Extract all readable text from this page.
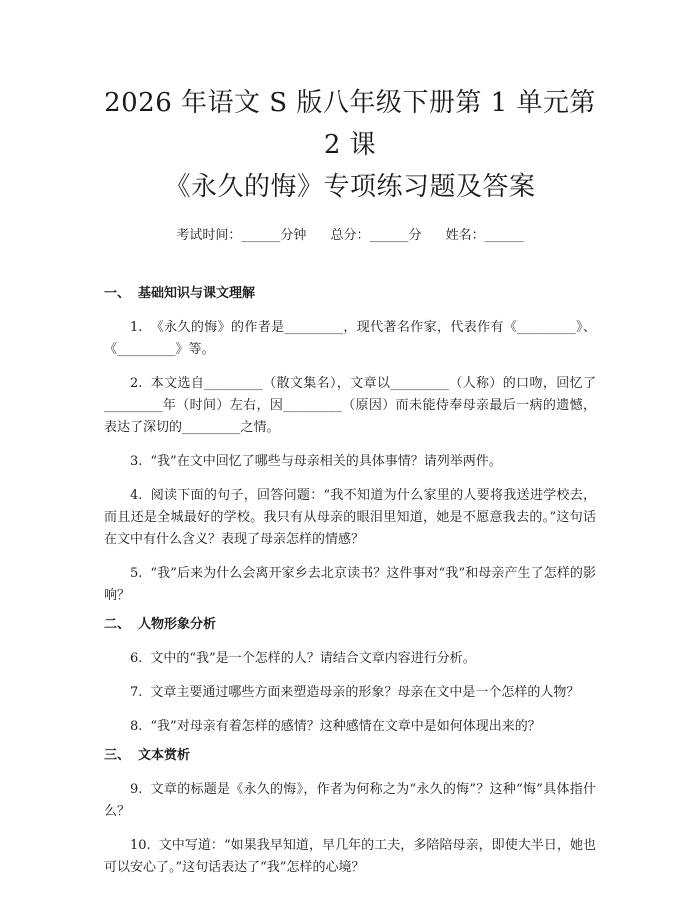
2026 年语文 S 版八年级下册第 1 单元第 2 课
《永久的悔》专项练习题及答案
考试时间：______分钟 总分：______分 姓名：______
一、 基础知识与课文理解

1. 《永久的悔》的作者是_________，现代著名作家，代表作有《_________》、《_________》等。

2. 本文选自_________（散文集名），文章以_________（人称）的口吻，回忆了_________年（时间）左右，因_________（原因）而未能侍奉母亲最后一病的遗憾，表达了深切的_________之情。

3. “我”在文中回忆了哪些与母亲相关的具体事情？请列举两件。

4. 阅读下面的句子，回答问题：“我不知道为什么家里的人要将我送进学校去，而且还是全城最好的学校。我只有从母亲的眼泪里知道，她是不愿意我去的。”这句话在文中有什么含义？表现了母亲怎样的情感？

5. “我”后来为什么会离开家乡去北京读书？这件事对“我”和母亲产生了怎样的影响？

二、 人物形象分析

6. 文中的“我”是一个怎样的人？请结合文章内容进行分析。

7. 文章主要通过哪些方面来塑造母亲的形象？母亲在文中是一个怎样的人物？

8. “我”对母亲有着怎样的感情？这种感情在文章中是如何体现出来的？

三、 文本赏析

9. 文章的标题是《永久的悔》，作者为何称之为“永久的悔”？这种“悔”具体指什么？

10. 文中写道：“如果我早知道，早几年的工夫，多陪陪母亲，即使大半日，她也可以安心了。”这句话表达了“我”怎样的心境？
